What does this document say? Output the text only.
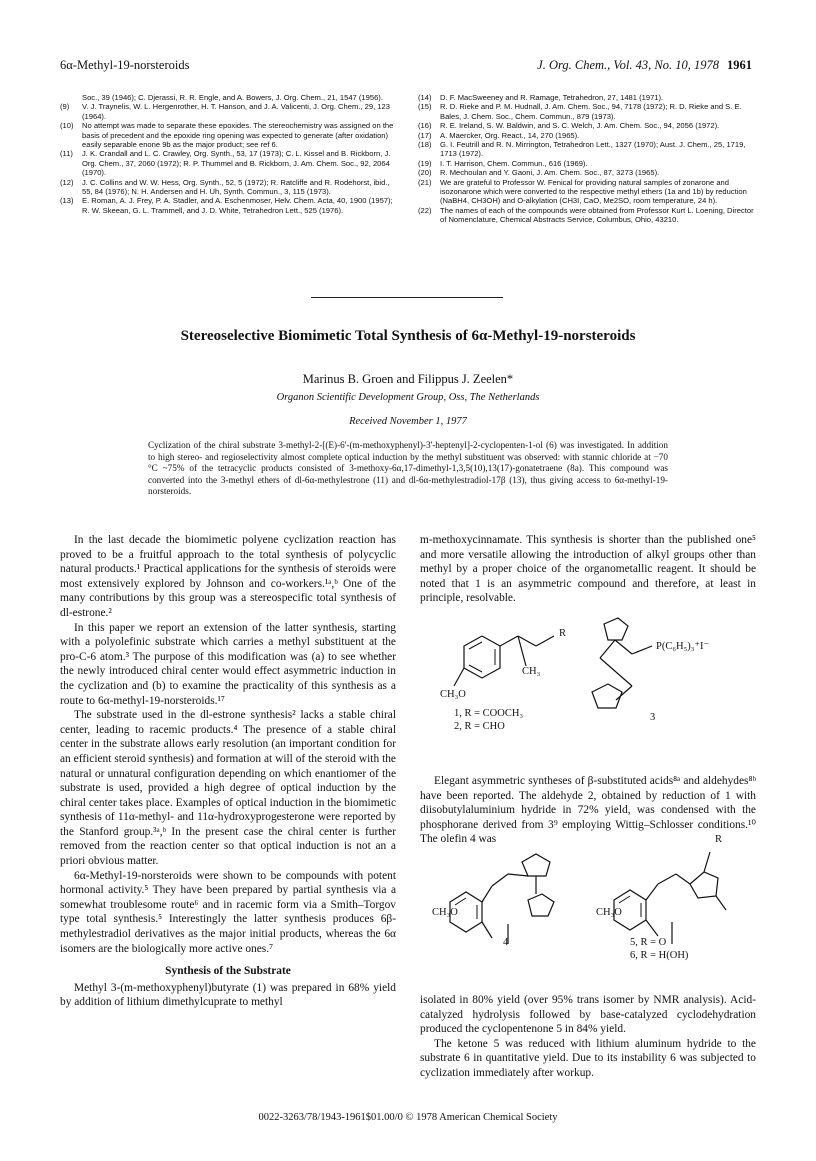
6α-Methyl-19-norsteroids	J. Org. Chem., Vol. 43, No. 10, 1978 1961
Soc., 39 (1946); C. Djerassi, R. R. Engle, and A. Bowers, J. Org. Chem., 21, 1547 (1956).
(9)	V. J. Traynelis, W. L. Hergenrother, H. T. Hanson, and J. A. Valicenti, J. Org. Chem., 29, 123 (1964).
(10)	No attempt was made to separate these epoxides. The stereochemistry was assigned on the basis of precedent and the epoxide ring opening was expected to generate (after oxidation) easily separable enone 9b as the major product; see ref 6.
(11)	J. K. Crandall and L. C. Crawley, Org. Synth., 53, 17 (1973); C. L. Kissel and B. Rickborn, J. Org. Chem., 37, 2060 (1972); R. P. Thummel and B. Rickborn, J. Am. Chem. Soc., 92, 2064 (1970).
(12)	J. C. Collins and W. W. Hess, Org. Synth., 52, 5 (1972); R. Ratcliffe and R. Rodehorst, ibid., 55, 84 (1976); N. H. Andersen and H. Uh, Synth. Commun., 3, 115 (1973).
(13)	E. Roman, A. J. Frey, P. A. Stadler, and A. Eschenmoser, Helv. Chem. Acta, 40, 1900 (1957); R. W. Skeean, G. L. Trammell, and J. D. White, Tetrahedron Lett., 525 (1976).
(14)	D. F. MacSweeney and R. Ramage, Tetrahedron, 27, 1481 (1971).
(15)	R. D. Rieke and P. M. Hudnall, J. Am. Chem. Soc., 94, 7178 (1972); R. D. Rieke and S. E. Bales, J. Chem. Soc., Chem. Commun., 879 (1973).
(16)	R. E. Ireland, S. W. Baldwin, and S. C. Welch, J. Am. Chem. Soc., 94, 2056 (1972).
(17)	A. Maercker, Org. React., 14, 270 (1965).
(18)	G. I. Feutrill and R. N. Mirrington, Tetrahedron Lett., 1327 (1970); Aust. J. Chem., 25, 1719, 1713 (1972).
(19)	I. T. Harrison, Chem. Commun., 616 (1969).
(20)	R. Mechoulan and Y. Gaoni, J. Am. Chem. Soc., 87, 3273 (1965).
(21)	We are grateful to Professor W. Fenical for providing natural samples of zonarone and isozonarone which were converted to the respective methyl ethers (1a and 1b) by reduction (NaBH4, CH3OH) and O-alkylation (CH3I, CaO, Me2SO, room temperature, 24 h).
(22)	The names of each of the compounds were obtained from Professor Kurt L. Loening, Director of Nomenclature, Chemical Abstracts Service, Columbus, Ohio, 43210.
Stereoselective Biomimetic Total Synthesis of 6α-Methyl-19-norsteroids
Marinus B. Groen and Filippus J. Zeelen*
Organon Scientific Development Group, Oss, The Netherlands
Received November 1, 1977
Cyclization of the chiral substrate 3-methyl-2-[(E)-6'-(m-methoxyphenyl)-3'-heptenyl]-2-cyclopenten-1-ol (6) was investigated. In addition to high stereo- and regioselectivity almost complete optical induction by the methyl substituent was observed: with stannic chloride at −70 °C ~75% of the tetracyclic products consisted of 3-methoxy-6α,17-dimethyl-1,3,5(10),13(17)-gonatetraene (8a). This compound was converted into the 3-methyl ethers of dl-6α-methylestrone (11) and dl-6α-methylestradiol-17β (13), thus giving access to 6α-methyl-19-norsteroids.

In the last decade the biomimetic polyene cyclization reaction has proved to be a fruitful approach to the total synthesis of polycyclic natural products.¹ Practical applications for the synthesis of steroids were most extensively explored by Johnson and co-workers.¹ᵃ,ᵇ One of the many contributions by this group was a stereospecific total synthesis of dl-estrone.²

In this paper we report an extension of the latter synthesis, starting with a polyolefinic substrate which carries a methyl substituent at the pro-C-6 atom.³ The purpose of this modification was (a) to see whether the newly introduced chiral center would effect asymmetric induction in the cyclization and (b) to examine the practicality of this synthesis as a route to 6α-methyl-19-norsteroids.¹⁷

The substrate used in the dl-estrone synthesis² lacks a stable chiral center, leading to racemic products.⁴ The presence of a stable chiral center in the substrate allows early resolution (an important condition for an efficient steroid synthesis) and formation at will of the steroid with the natural or unnatural configuration depending on which enantiomer of the substrate is used, provided a high degree of optical induction by the chiral center takes place. Examples of optical induction in the biomimetic synthesis of 11α-methyl- and 11α-hydroxyprogesterone were reported by the Stanford group.³ᵃ,ᵇ In the present case the chiral center is further removed from the reaction center so that optical induction is not an a priori obvious matter.

6α-Methyl-19-norsteroids were shown to be compounds with potent hormonal activity.⁵ They have been prepared by partial synthesis via a somewhat troublesome route⁶ and in racemic form via a Smith–Torgov type total synthesis.⁵ Interestingly the latter synthesis produces 6β-methylestradiol derivatives as the major initial products, whereas the 6α isomers are the biologically more active ones.⁷

Synthesis of the Substrate

Methyl 3-(m-methoxyphenyl)butyrate (1) was prepared in 68% yield by addition of lithium dimethylcuprate to methyl

m-methoxycinnamate. This synthesis is shorter than the published one⁵ and more versatile allowing the introduction of alkyl groups other than methyl by a proper choice of the organometallic reagent. It should be noted that 1 is an asymmetric compound and therefore, at least in principle, resolvable.

R
CH₃
CH₃O
1, R = COOCH₃
2, R = CHO
P(C₆H₅)₃⁺I⁻
3

Elegant asymmetric syntheses of β-substituted acids⁸ᵃ and aldehydes⁸ᵇ have been reported. The aldehyde 2, obtained by reduction of 1 with diisobutylaluminium hydride in 72% yield, was condensed with the phosphorane derived from 3⁹ employing Wittig–Schlosser conditions.¹⁰ The olefin 4 was

CH₃O
4
R
CH₃O
5, R = O
6, R = H(OH)

isolated in 80% yield (over 95% trans isomer by NMR analysis). Acid-catalyzed hydrolysis followed by base-catalyzed cyclodehydration produced the cyclopentenone 5 in 84% yield.

The ketone 5 was reduced with lithium aluminum hydride to the substrate 6 in quantitative yield. Due to its instability 6 was subjected to cyclization immediately after workup.

0022-3263/78/1943-1961$01.00/0 © 1978 American Chemical Society
